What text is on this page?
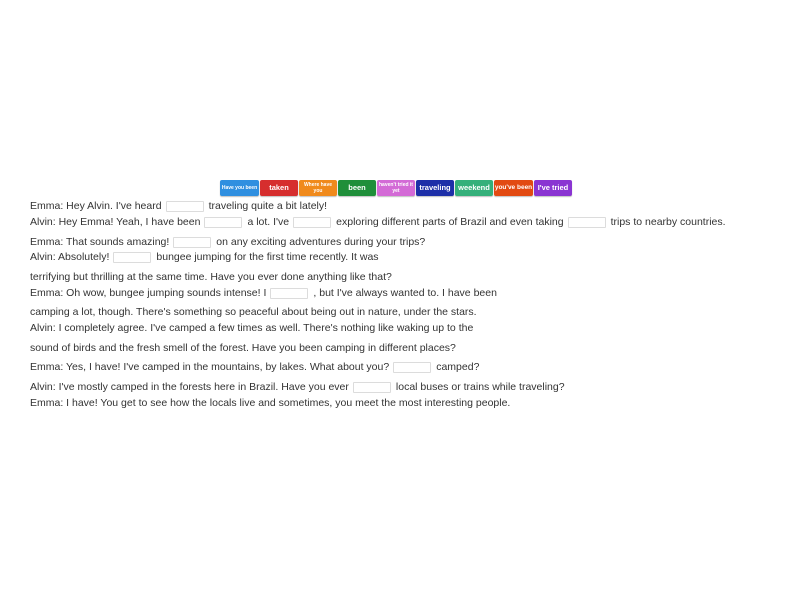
Have you been taken	Where have you	been	haven't tried it yet	traveling weekend you've been I've tried
Emma: Hey Alvin. I've heard	traveling quite a bit lately!
Alvin: Hey Emma! Yeah, I have been	a lot. I've	exploring different parts of Brazil and even taking	trips to nearby countries.
Emma: That sounds amazing!	on any exciting adventures during your trips?
Alvin: Absolutely!	bungee jumping for the first time recently. It was
terrifying but thrilling at the same time. Have you ever done anything like that?
Emma: Oh wow, bungee jumping sounds intense! I	, but I've always wanted to. I have been
camping a lot, though. There's something so peaceful about being out in nature, under the stars.
Alvin: I completely agree. I've camped a few times as well. There's nothing like waking up to the
sound of birds and the fresh smell of the forest. Have you been camping in different places?
Emma: Yes, I have! I've camped in the mountains, by lakes. What about you?	camped?
Alvin: I've mostly camped in the forests here in Brazil. Have you ever	local buses or trains while traveling?
Emma: I have! You get to see how the locals live and sometimes, you meet the most interesting people.
